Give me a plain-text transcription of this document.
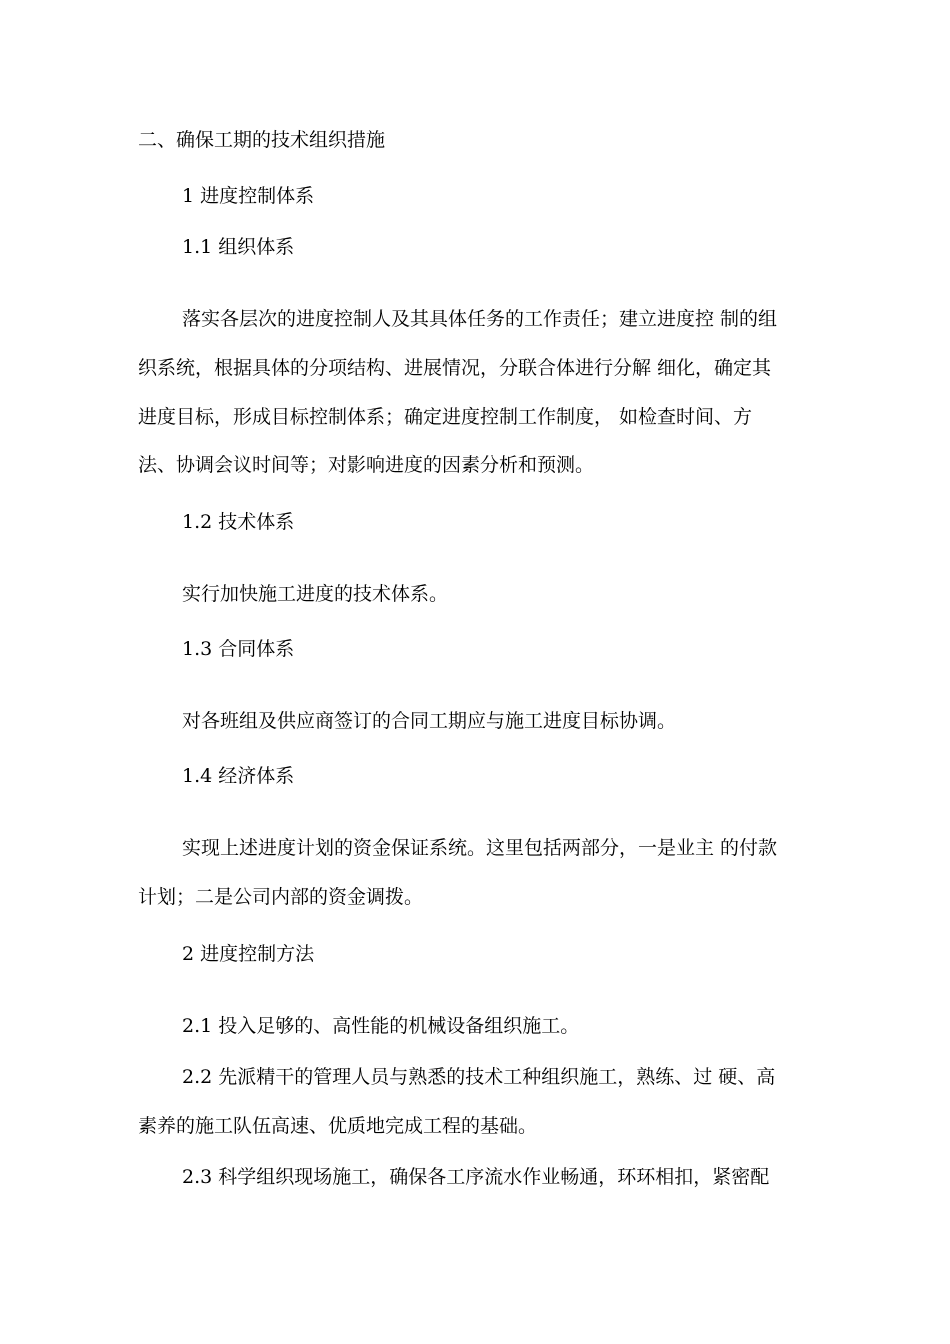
二、确保工期的技术组织措施
1 进度控制体系
1.1 组织体系
落实各层次的进度控制人及其具体任务的工作责任；建立进度控 制的组
织系统，根据具体的分项结构、进展情况，分联合体进行分解 细化，确定其
进度目标，形成目标控制体系；确定进度控制工作制度， 如检查时间、方
法、协调会议时间等；对影响进度的因素分析和预测。
1.2 技术体系
实行加快施工进度的技术体系。
1.3 合同体系
对各班组及供应商签订的合同工期应与施工进度目标协调。
1.4 经济体系
实现上述进度计划的资金保证系统。这里包括两部分，一是业主 的付款
计划；二是公司内部的资金调拨。
2 进度控制方法
2.1 投入足够的、高性能的机械设备组织施工。
2.2 先派精干的管理人员与熟悉的技术工种组织施工，熟练、过 硬、高
素养的施工队伍高速、优质地完成工程的基础。
2.3 科学组织现场施工，确保各工序流水作业畅通，环环相扣，紧密配
